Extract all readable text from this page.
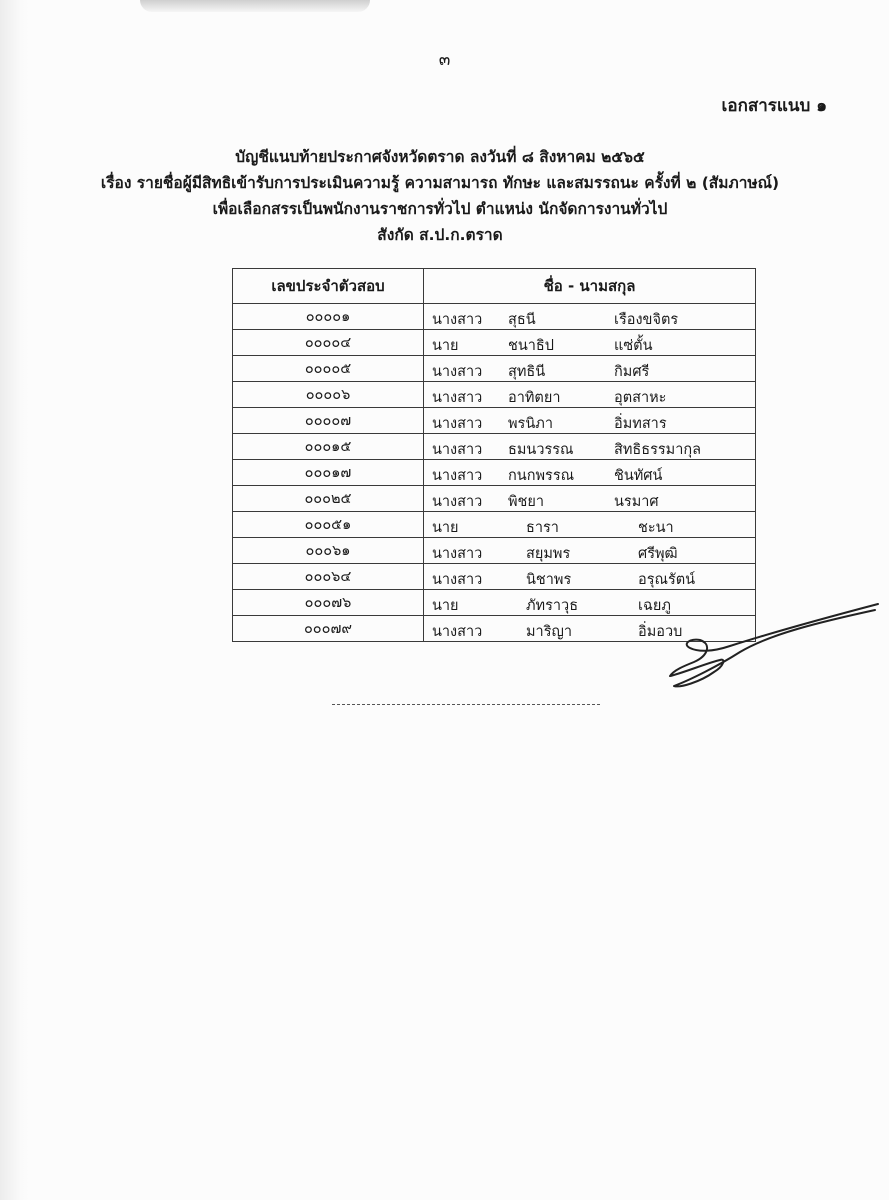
๓
เอกสารแนบ ๑
บัญชีแนบท้ายประกาศจังหวัดตราด ลงวันที่ ๘ สิงหาคม ๒๕๖๕
เรื่อง รายชื่อผู้มีสิทธิเข้ารับการประเมินความรู้ ความสามารถ ทักษะ และสมรรถนะ ครั้งที่ ๒ (สัมภาษณ์)
เพื่อเลือกสรรเป็นพนักงานราชการทั่วไป ตำแหน่ง นักจัดการงานทั่วไป
สังกัด ส.ป.ก.ตราด
เลขประจำตัวสอบ	ชื่อ - นามสกุล
๐๐๐๐๑	นางสาว สุธนี เรืองขจิตร

๐๐๐๐๔	นาย ชนาธิป แซ่ตั้น

๐๐๐๐๕	นางสาว สุทธินี กิมศรี

๐๐๐๐๖	นางสาว อาทิตยา อุตสาหะ

๐๐๐๐๗	นางสาว พรนิภา อิ่มทสาร

๐๐๐๑๕	นางสาว ธมนวรรณ สิทธิธรรมากุล

๐๐๐๑๗	นางสาว กนกพรรณ ชินทัศน์

๐๐๐๒๕	นางสาว พิชยา นรมาศ

๐๐๐๕๑	นาย ธารา ชะนา

๐๐๐๖๑	นางสาว สยุมพร ศรีพุฒิ

๐๐๐๖๔	นางสาว นิชาพร อรุณรัตน์

๐๐๐๗๖	นาย ภัทราวุธ เฉยภู

๐๐๐๗๙	นางสาว มาริญา อิ่มอวบ
